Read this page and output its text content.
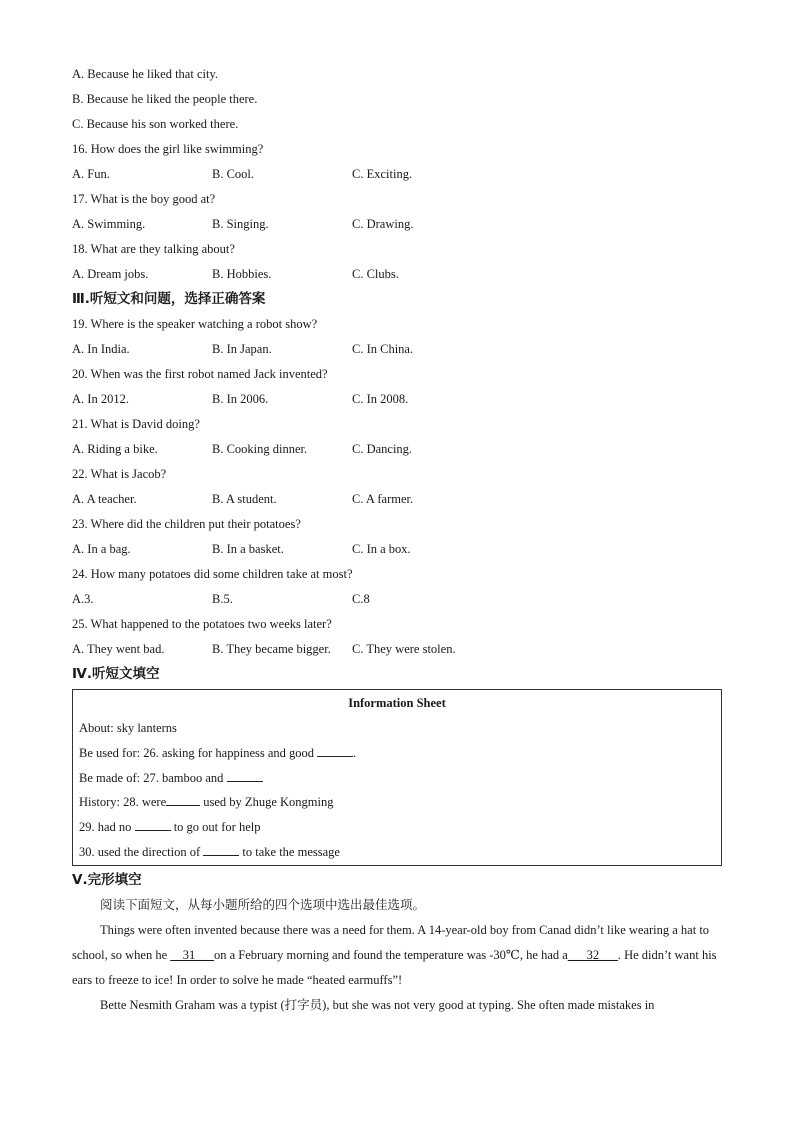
A. Because he liked that city.
B. Because he liked the people there.
C. Because his son worked there.
16. How does the girl like swimming?
A. Fun.	B. Cool.	C. Exciting.
17. What is the boy good at?
A. Swimming.	B. Singing.	C. Drawing.
18. What are they talking about?
A. Dream jobs.	B. Hobbies.	C. Clubs.
Ⅲ.听短文和问题，选择正确答案
19. Where is the speaker watching a robot show?
A. In India.	B. In Japan.	C. In China.
20. When was the first robot named Jack invented?
A. In 2012.	B. In 2006.	C. In 2008.
21. What is David doing?
A. Riding a bike.	B. Cooking dinner.	C. Dancing.
22. What is Jacob?
A. A teacher.	B. A student.	C. A farmer.
23. Where did the children put their potatoes?
A. In a bag.	B. In a basket.	C. In a box.
24. How many potatoes did some children take at most?
A.3.	B.5.	C.8
25. What happened to the potatoes two weeks later?
A. They went bad.	B. They became bigger.	C. They were stolen.
Ⅳ.听短文填空
Information Sheet
About: sky lanterns
Be used for: 26. asking for happiness and good	.
Be made of: 27. bamboo and
History: 28. were	used by Zhuge Kongming
29. had no	to go out for help
30. used the direction of	to take the message
Ⅴ.完形填空
阅读下面短文，从每小题所给的四个选项中选出最佳选项。
Things were often invented because there was a need for them. A 14-year-old boy from Canad didn’t like wearing a hat to school, so when he __31___on a February morning and found the temperature was -30℃, he had a___32___. He didn’t want his ears to freeze to ice! In order to solve he made “heated earmuffs”!
Bette Nesmith Graham was a typist (打字员), but she was not very good at typing. She often made mistakes in
